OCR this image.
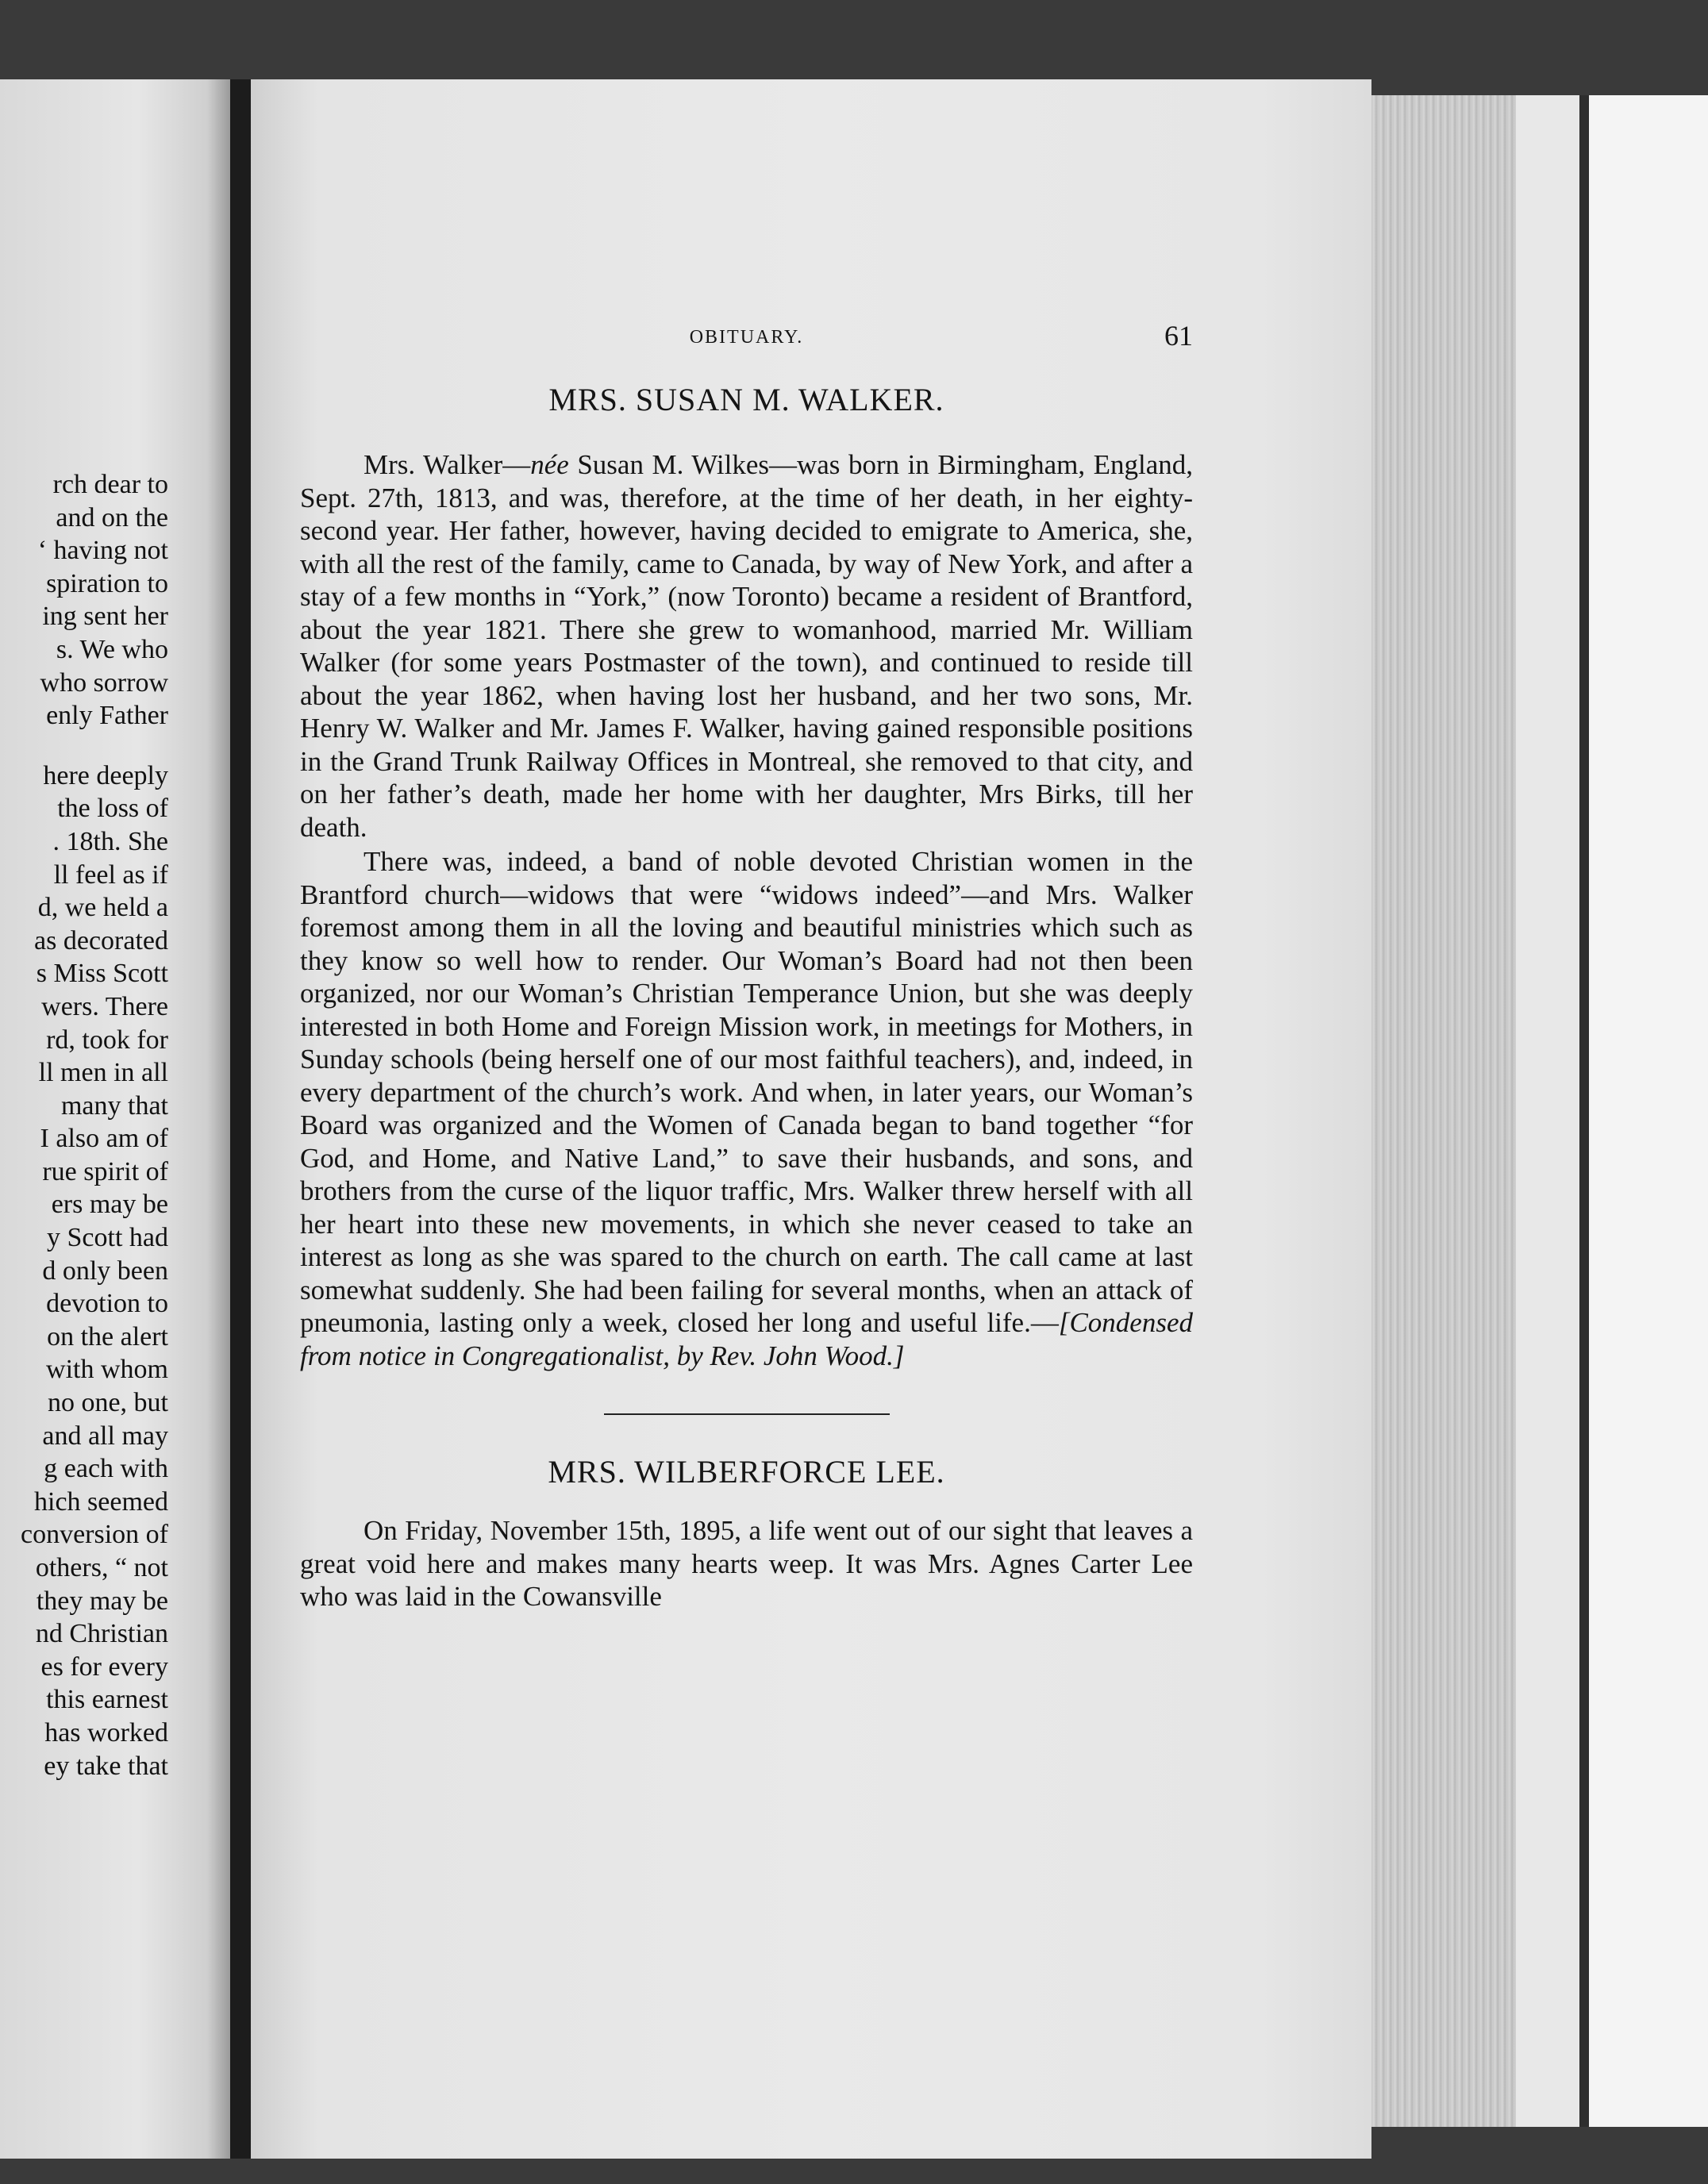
rch dear to
and on the
‘ having not
spiration to
ing sent her
s. We who
who sorrow
enly Father
here deeply
the loss of
. 18th. She
ll feel as if
d, we held a
as decorated
s Miss Scott
wers. There
rd, took for
ll men in all
many that
I also am of
rue spirit of
ers may be
y Scott had
d only been
devotion to
on the alert
with whom
no one, but
and all may
g each with
hich seemed
conversion of
others, “ not
they may be
nd Christian
es for every
this earnest
has worked
ey take that
OBITUARY.	61
MRS. SUSAN M. WALKER.

Mrs. Walker—née Susan M. Wilkes—was born in Birmingham, England, Sept. 27th, 1813, and was, therefore, at the time of her death, in her eighty-second year. Her father, however, having decided to emigrate to America, she, with all the rest of the family, came to Canada, by way of New York, and after a stay of a few months in “York,” (now Toronto) became a resident of Brantford, about the year 1821. There she grew to womanhood, married Mr. William Walker (for some years Postmaster of the town), and continued to reside till about the year 1862, when having lost her husband, and her two sons, Mr. Henry W. Walker and Mr. James F. Walker, having gained responsible positions in the Grand Trunk Railway Offices in Montreal, she removed to that city, and on her father’s death, made her home with her daughter, Mrs Birks, till her death.

There was, indeed, a band of noble devoted Christian women in the Brantford church—widows that were “widows indeed”—and Mrs. Walker foremost among them in all the loving and beautiful ministries which such as they know so well how to render. Our Woman’s Board had not then been organized, nor our Woman’s Christian Temperance Union, but she was deeply interested in both Home and Foreign Mission work, in meetings for Mothers, in Sunday schools (being herself one of our most faithful teachers), and, indeed, in every department of the church’s work. And when, in later years, our Woman’s Board was organized and the Women of Canada began to band together “for God, and Home, and Native Land,” to save their husbands, and sons, and brothers from the curse of the liquor traffic, Mrs. Walker threw herself with all her heart into these new movements, in which she never ceased to take an interest as long as she was spared to the church on earth. The call came at last somewhat suddenly. She had been failing for several months, when an attack of pneumonia, lasting only a week, closed her long and useful life.—[Condensed from notice in Congregationalist, by Rev. John Wood.]

MRS. WILBERFORCE LEE.

On Friday, November 15th, 1895, a life went out of our sight that leaves a great void here and makes many hearts weep. It was Mrs. Agnes Carter Lee who was laid in the Cowansville
